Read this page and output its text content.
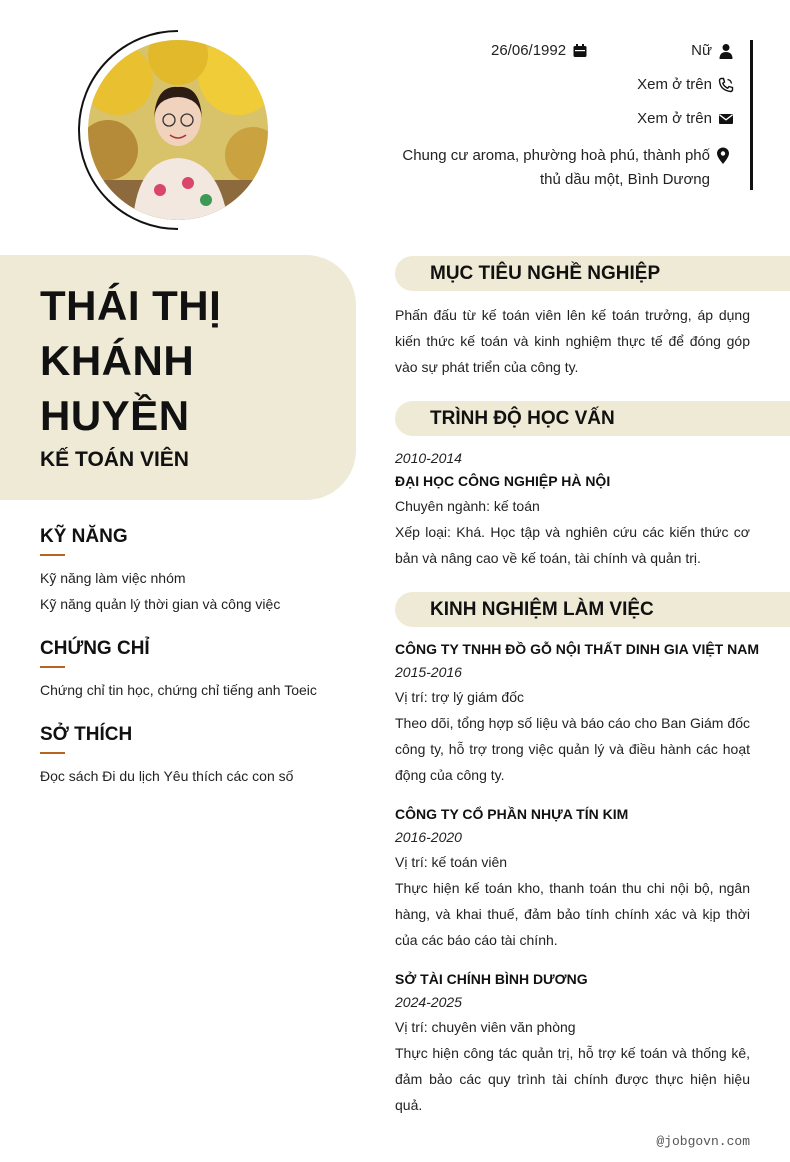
26/06/1992	Nữ
Xem ở trên
Xem ở trên
Chung cư aroma, phường hoà phú, thành phố thủ dầu một, Bình Dương
THÁI THỊ KHÁNH HUYỀN
KẾ TOÁN VIÊN
KỸ NĂNG
Kỹ năng làm việc nhóm
Kỹ năng quản lý thời gian và công việc
CHỨNG CHỈ
Chứng chỉ tin học, chứng chỉ tiếng anh Toeic
SỞ THÍCH
Đọc sách Đi du lịch Yêu thích các con số
MỤC TIÊU NGHỀ NGHIỆP
Phấn đấu từ kế toán viên lên kế toán trưởng, áp dụng kiến thức kế toán và kinh nghiệm thực tế để đóng góp vào sự phát triển của công ty.
TRÌNH ĐỘ HỌC VẤN
2010-2014
ĐẠI HỌC CÔNG NGHIỆP HÀ NỘI
Chuyên ngành: kế toán
Xếp loại: Khá. Học tập và nghiên cứu các kiến thức cơ bản và nâng cao về kế toán, tài chính và quản trị.
KINH NGHIỆM LÀM VIỆC
CÔNG TY TNHH ĐỒ GỖ NỘI THẤT DINH GIA VIỆT NAM
2015-2016
Vị trí: trợ lý giám đốc
Theo dõi, tổng hợp số liệu và báo cáo cho Ban Giám đốc công ty, hỗ trợ trong việc quản lý và điều hành các hoạt động của công ty.
CÔNG TY CỔ PHẦN NHỰA TÍN KIM
2016-2020
Vị trí: kế toán viên
Thực hiện kế toán kho, thanh toán thu chi nội bộ, ngân hàng, và khai thuế, đảm bảo tính chính xác và kịp thời của các báo cáo tài chính.
SỞ TÀI CHÍNH BÌNH DƯƠNG
2024-2025
Vị trí: chuyên viên văn phòng
Thực hiện công tác quản trị, hỗ trợ kế toán và thống kê, đảm bảo các quy trình tài chính được thực hiện hiệu quả.
@jobgovn.com
